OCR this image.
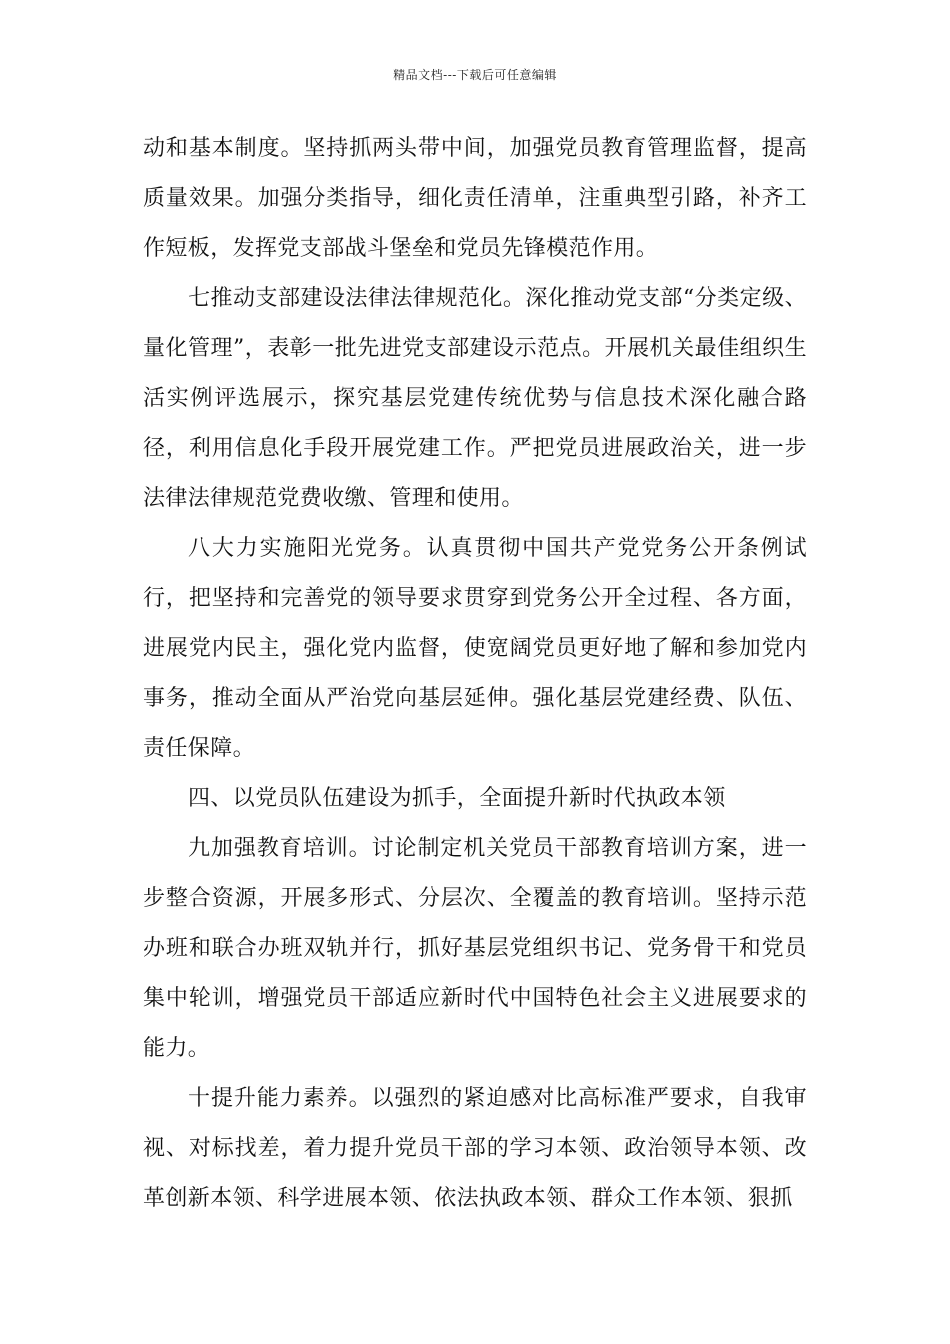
精品文档---下载后可任意编辑

动和基本制度。坚持抓两头带中间，加强党员教育管理监督，提高质量效果。加强分类指导，细化责任清单，注重典型引路，补齐工作短板，发挥党支部战斗堡垒和党员先锋模范作用。

七推动支部建设法律法律规范化。深化推动党支部“分类定级、量化管理”，表彰一批先进党支部建设示范点。开展机关最佳组织生活实例评选展示，探究基层党建传统优势与信息技术深化融合路径，利用信息化手段开展党建工作。严把党员进展政治关，进一步法律法律规范党费收缴、管理和使用。

八大力实施阳光党务。认真贯彻中国共产党党务公开条例试行，把坚持和完善党的领导要求贯穿到党务公开全过程、各方面，进展党内民主，强化党内监督，使宽阔党员更好地了解和参加党内事务，推动全面从严治党向基层延伸。强化基层党建经费、队伍、责任保障。

四、以党员队伍建设为抓手，全面提升新时代执政本领

九加强教育培训。讨论制定机关党员干部教育培训方案，进一步整合资源，开展多形式、分层次、全覆盖的教育培训。坚持示范办班和联合办班双轨并行，抓好基层党组织书记、党务骨干和党员集中轮训，增强党员干部适应新时代中国特色社会主义进展要求的能力。

十提升能力素养。以强烈的紧迫感对比高标准严要求，自我审视、对标找差，着力提升党员干部的学习本领、政治领导本领、改革创新本领、科学进展本领、依法执政本领、群众工作本领、狠抓
